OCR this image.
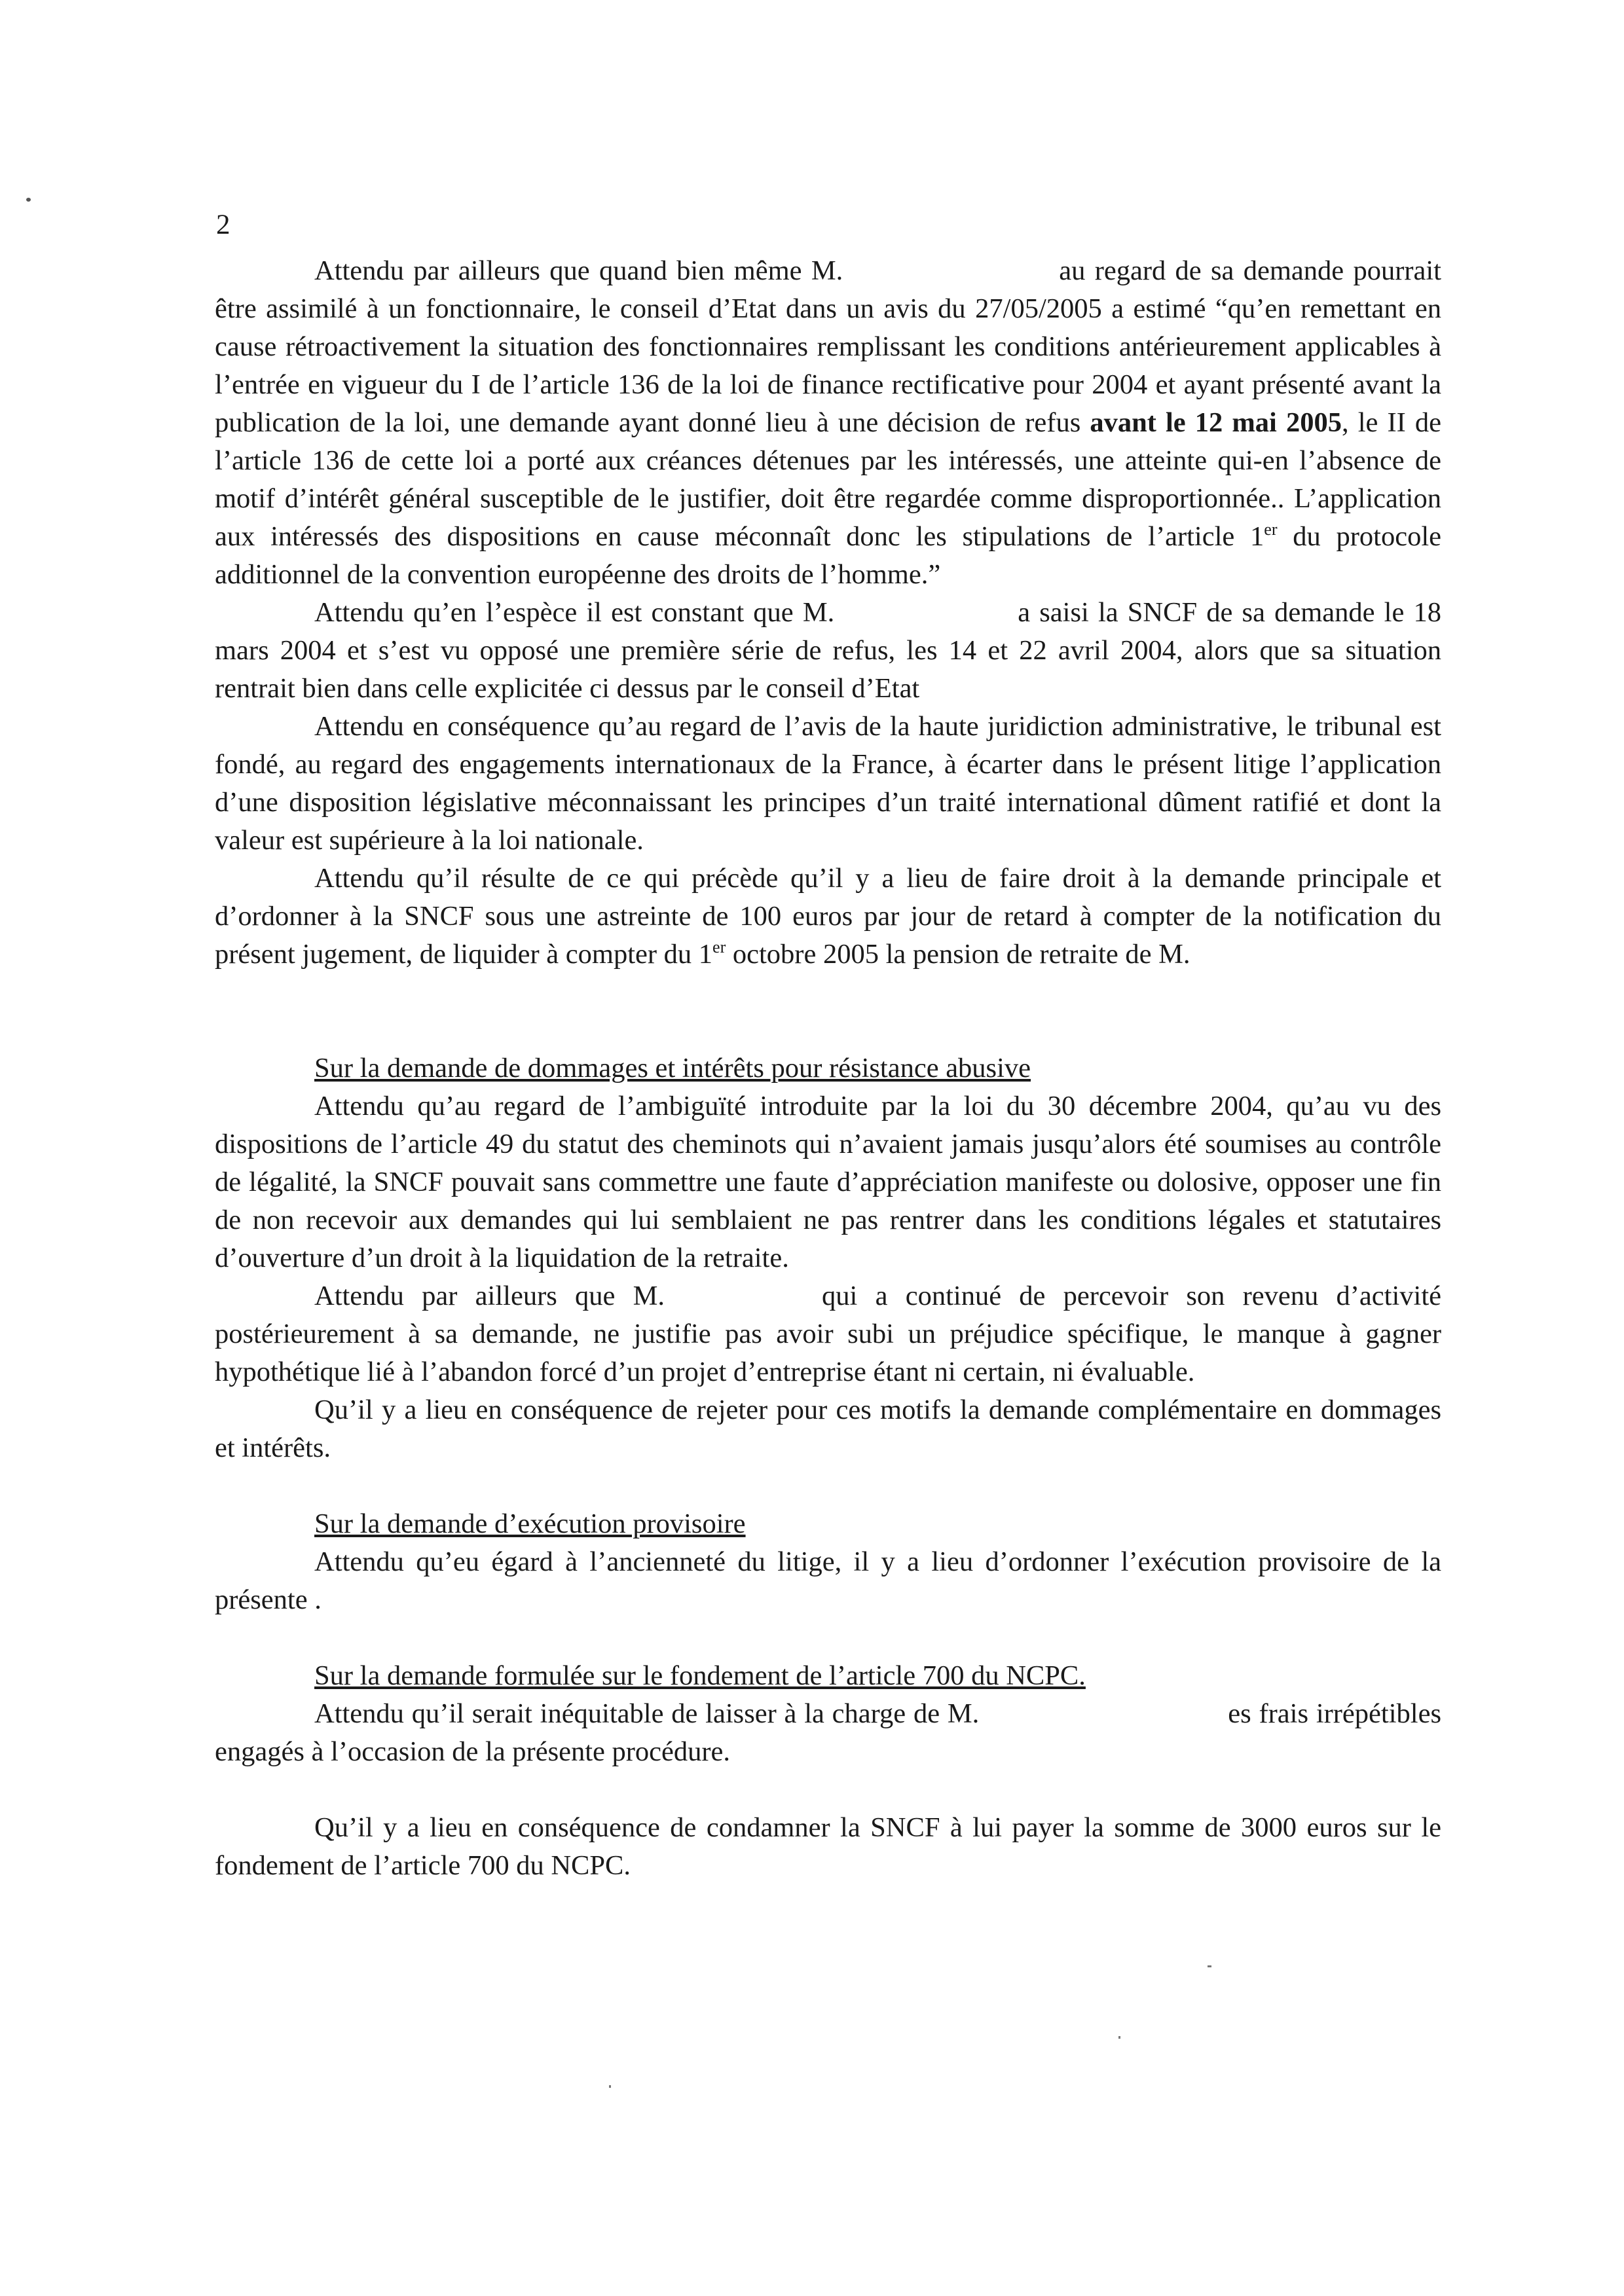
2

Attendu par ailleurs que quand bien même M.	au regard de sa demande pourrait être assimilé à un fonctionnaire, le conseil d’Etat dans un avis du 27/05/2005 a estimé “qu’en remettant en cause rétroactivement la situation des fonctionnaires remplissant les conditions antérieurement applicables à l’entrée en vigueur du I de l’article 136 de la loi de finance rectificative pour 2004 et ayant présenté avant la publication de la loi, une demande ayant donné lieu à une décision de refus avant le 12 mai 2005, le II de l’article 136 de cette loi a porté aux créances détenues par les intéressés, une atteinte qui-en l’absence de motif d’intérêt général susceptible de le justifier, doit être regardée comme disproportionnée.. L’application aux intéressés des dispositions en cause méconnaît donc les stipulations de l’article 1er du protocole additionnel de la convention européenne des droits de l’homme.”

Attendu qu’en l’espèce il est constant que M.	a saisi la SNCF de sa demande le 18 mars 2004 et s’est vu opposé une première série de refus, les 14 et 22 avril 2004, alors que sa situation rentrait bien dans celle explicitée ci dessus par le conseil d’Etat

Attendu en conséquence qu’au regard de l’avis de la haute juridiction administrative, le tribunal est fondé, au regard des engagements internationaux de la France, à écarter dans le présent litige l’application d’une disposition législative méconnaissant les principes d’un traité international dûment ratifié et dont la valeur est supérieure à la loi nationale.

Attendu qu’il résulte de ce qui précède qu’il y a lieu de faire droit à la demande principale et d’ordonner à la SNCF sous une astreinte de 100 euros par jour de retard à compter de la notification du présent jugement, de liquider à compter du 1er octobre 2005 la pension de retraite de M.

Sur la demande de dommages et intérêts pour résistance abusive

Attendu qu’au regard de l’ambiguïté introduite par la loi du 30 décembre 2004, qu’au vu des dispositions de l’article 49 du statut des cheminots qui n’avaient jamais jusqu’alors été soumises au contrôle de légalité, la SNCF pouvait sans commettre une faute d’appréciation manifeste ou dolosive, opposer une fin de non recevoir aux demandes qui lui semblaient ne pas rentrer dans les conditions légales et statutaires d’ouverture d’un droit à la liquidation de la retraite.

Attendu par ailleurs que M.	qui a continué de percevoir son revenu d’activité postérieurement à sa demande, ne justifie pas avoir subi un préjudice spécifique, le manque à gagner hypothétique lié à l’abandon forcé d’un projet d’entreprise étant ni certain, ni évaluable.

Qu’il y a lieu en conséquence de rejeter pour ces motifs la demande complémentaire en dommages et intérêts.

Sur la demande d’exécution provisoire

Attendu qu’eu égard à l’ancienneté du litige, il y a lieu d’ordonner l’exécution provisoire de la présente .

Sur la demande formulée sur le fondement de l’article 700 du NCPC.

Attendu qu’il serait inéquitable de laisser à la charge de M.	es frais irrépétibles engagés à l’occasion de la présente procédure.

Qu’il y a lieu en conséquence de condamner la SNCF à lui payer la somme de 3000 euros sur le fondement de l’article 700 du NCPC.
